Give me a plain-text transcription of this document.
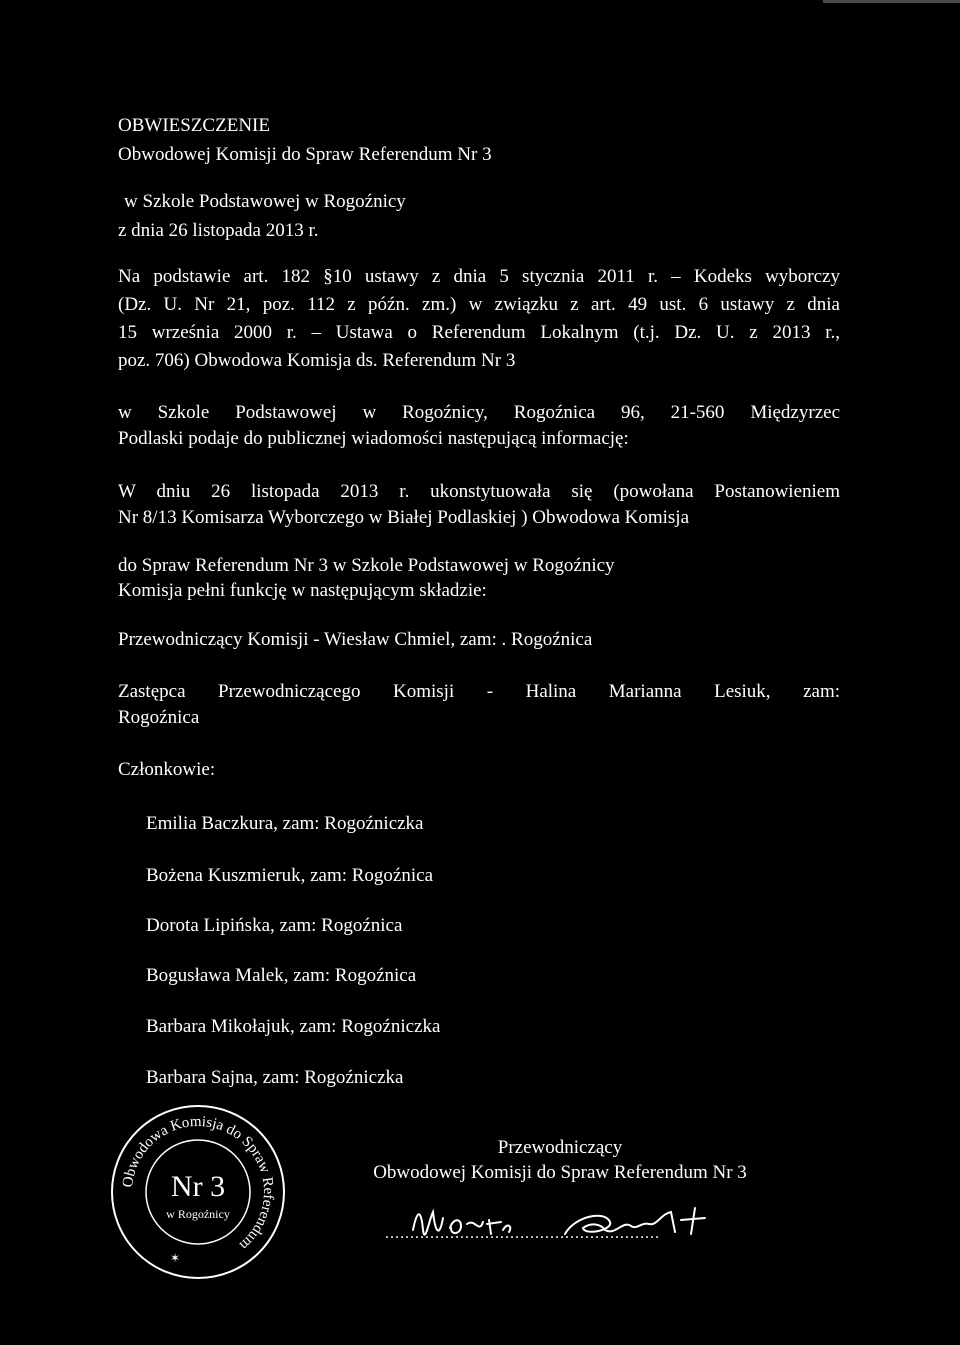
OBWIESZCZENIE
Obwodowej Komisji do Spraw Referendum Nr 3
w Szkole Podstawowej w Rogoźnicy
z dnia 26 listopada 2013 r.
Na podstawie art. 182 §10 ustawy z dnia 5 stycznia 2011 r. – Kodeks wyborczy
(Dz. U. Nr 21, poz. 112 z późn. zm.) w związku z art. 49 ust. 6 ustawy z dnia
15 września 2000 r. – Ustawa o Referendum Lokalnym (t.j. Dz. U. z 2013 r.,
poz. 706) Obwodowa Komisja ds. Referendum Nr 3
w Szkole Podstawowej w Rogoźnicy, Rogoźnica 96, 21-560 Międzyrzec
Podlaski podaje do publicznej wiadomości następującą informację:
W dniu 26 listopada 2013 r. ukonstytuowała się (powołana Postanowieniem
Nr 8/13 Komisarza Wyborczego w Białej Podlaskiej ) Obwodowa Komisja
do Spraw Referendum Nr 3 w Szkole Podstawowej w Rogoźnicy
Komisja pełni funkcję w następującym składzie:
Przewodniczący Komisji - Wiesław Chmiel, zam: . Rogoźnica
Zastępca Przewodniczącego Komisji - Halina Marianna Lesiuk, zam:
Rogoźnica
Członkowie:
Emilia Baczkura, zam: Rogoźniczka
Bożena Kuszmieruk, zam: Rogoźnica
Dorota Lipińska, zam: Rogoźnica
Bogusława Malek, zam: Rogoźnica
Barbara Mikołajuk, zam: Rogoźniczka
Barbara Sajna, zam: Rogoźniczka
Obwodowa Komisja do Spraw Referendum
Nr 3
w Rogoźnicy
✶
Przewodniczący
Obwodowej Komisji do Spraw Referendum Nr 3
.......................................................
